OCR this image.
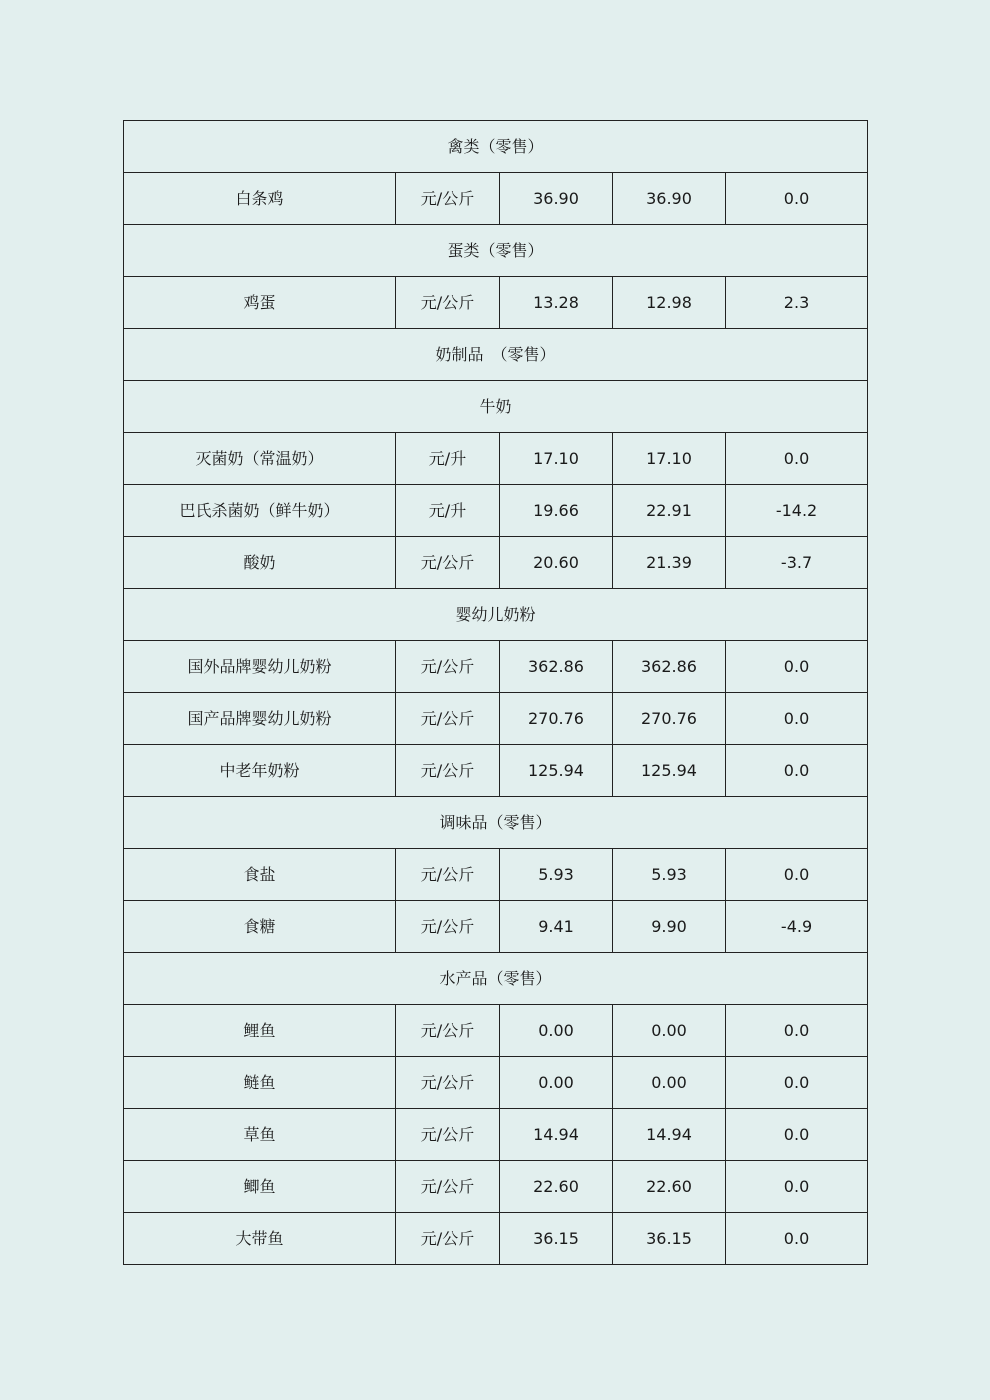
禽类（零售）				
白条鸡	元/公斤	36.90	36.90	0.0
蛋类（零售）				
鸡蛋	元/公斤	13.28	12.98	2.3
奶制品　（零售）				
牛奶				
灭菌奶（常温奶）	元/升	17.10	17.10	0.0
巴氏杀菌奶（鲜牛奶）	元/升	19.66	22.91	-14.2
酸奶	元/公斤	20.60	21.39	-3.7
婴幼儿奶粉				
国外品牌婴幼儿奶粉	元/公斤	362.86	362.86	0.0
国产品牌婴幼儿奶粉	元/公斤	270.76	270.76	0.0
中老年奶粉	元/公斤	125.94	125.94	0.0
调味品（零售）				
食盐	元/公斤	5.93	5.93	0.0
食糖	元/公斤	9.41	9.90	-4.9
水产品（零售）				
鲤鱼	元/公斤	0.00	0.00	0.0
鲢鱼	元/公斤	0.00	0.00	0.0
草鱼	元/公斤	14.94	14.94	0.0
鲫鱼	元/公斤	22.60	22.60	0.0
大带鱼	元/公斤	36.15	36.15	0.0
